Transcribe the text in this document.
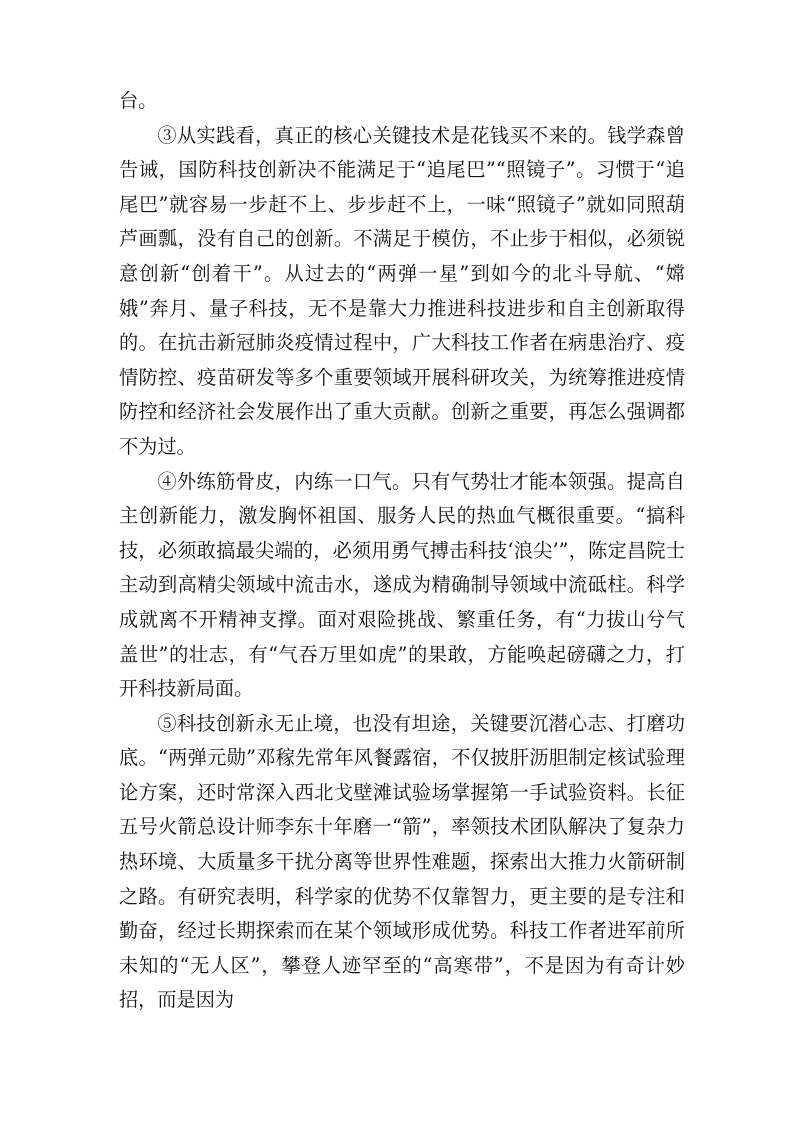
台。

③从实践看，真正的核心关键技术是花钱买不来的。钱学森曾告诫，国防科技创新决不能满足于“追尾巴”“照镜子”。习惯于“追尾巴”就容易一步赶不上、步步赶不上，一味“照镜子”就如同照葫芦画瓢，没有自己的创新。不满足于模仿，不止步于相似，必须锐意创新“创着干”。从过去的“两弹一星”到如今的北斗导航、“嫦娥”奔月、量子科技，无不是靠大力推进科技进步和自主创新取得的。在抗击新冠肺炎疫情过程中，广大科技工作者在病患治疗、疫情防控、疫苗研发等多个重要领域开展科研攻关，为统筹推进疫情防控和经济社会发展作出了重大贡献。创新之重要，再怎么强调都不为过。

④外练筋骨皮，内练一口气。只有气势壮才能本领强。提高自主创新能力，激发胸怀祖国、服务人民的热血气概很重要。“搞科技，必须敢搞最尖端的，必须用勇气搏击科技‘浪尖’”，陈定昌院士主动到高精尖领域中流击水，遂成为精确制导领域中流砥柱。科学成就离不开精神支撑。面对艰险挑战、繁重任务，有“力拔山兮气盖世”的壮志，有“气吞万里如虎”的果敢，方能唤起磅礴之力，打开科技新局面。

⑤科技创新永无止境，也没有坦途，关键要沉潜心志、打磨功底。“两弹元勋”邓稼先常年风餐露宿，不仅披肝沥胆制定核试验理论方案，还时常深入西北戈壁滩试验场掌握第一手试验资料。长征五号火箭总设计师李东十年磨一“箭”，率领技术团队解决了复杂力热环境、大质量多干扰分离等世界性难题，探索出大推力火箭研制之路。有研究表明，科学家的优势不仅靠智力，更主要的是专注和勤奋，经过长期探索而在某个领域形成优势。科技工作者进军前所未知的“无人区”，攀登人迹罕至的“高寒带”，不是因为有奇计妙招，而是因为
